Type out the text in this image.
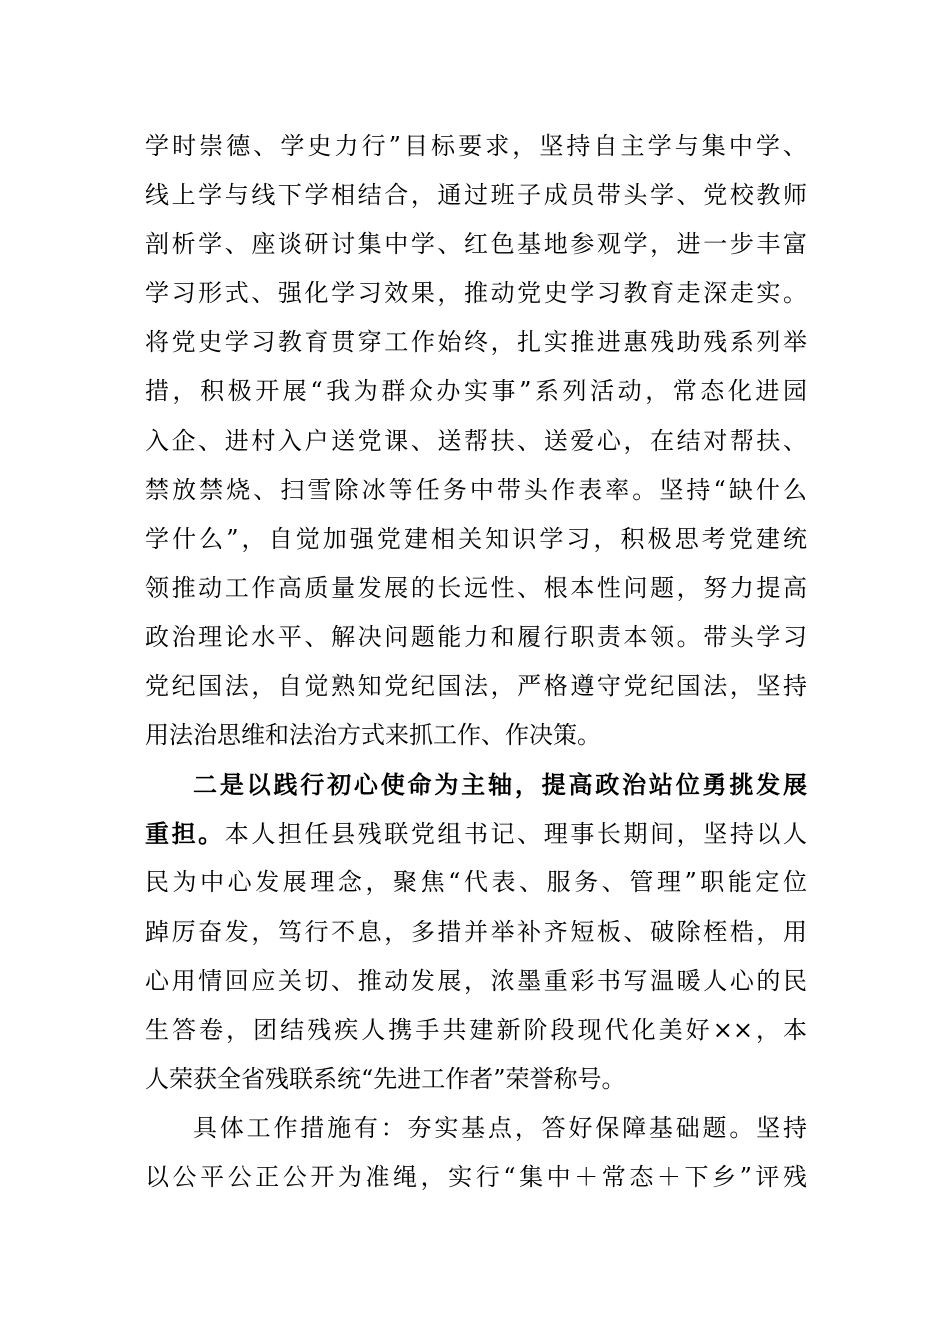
学时崇德、学史力行”目标要求，坚持自主学与集中学、
线上学与线下学相结合，通过班子成员带头学、党校教师
剖析学、座谈研讨集中学、红色基地参观学，进一步丰富
学习形式、强化学习效果，推动党史学习教育走深走实。
将党史学习教育贯穿工作始终，扎实推进惠残助残系列举
措，积极开展“我为群众办实事”系列活动，常态化进园
入企、进村入户送党课、送帮扶、送爱心，在结对帮扶、
禁放禁烧、扫雪除冰等任务中带头作表率。坚持“缺什么
学什么”，自觉加强党建相关知识学习，积极思考党建统
领推动工作高质量发展的长远性、根本性问题，努力提高
政治理论水平、解决问题能力和履行职责本领。带头学习
党纪国法，自觉熟知党纪国法，严格遵守党纪国法，坚持
用法治思维和法治方式来抓工作、作决策。
二是以践行初心使命为主轴，提高政治站位勇挑发展
重担。本人担任县残联党组书记、理事长期间，坚持以人
民为中心发展理念，聚焦“代表、服务、管理”职能定位
踔厉奋发，笃行不息，多措并举补齐短板、破除桎梏，用
心用情回应关切、推动发展，浓墨重彩书写温暖人心的民
生答卷，团结残疾人携手共建新阶段现代化美好××，本
人荣获全省残联系统“先进工作者”荣誉称号。
具体工作措施有：夯实基点，答好保障基础题。坚持
以公平公正公开为准绳，实行“集中＋常态＋下乡”评残
